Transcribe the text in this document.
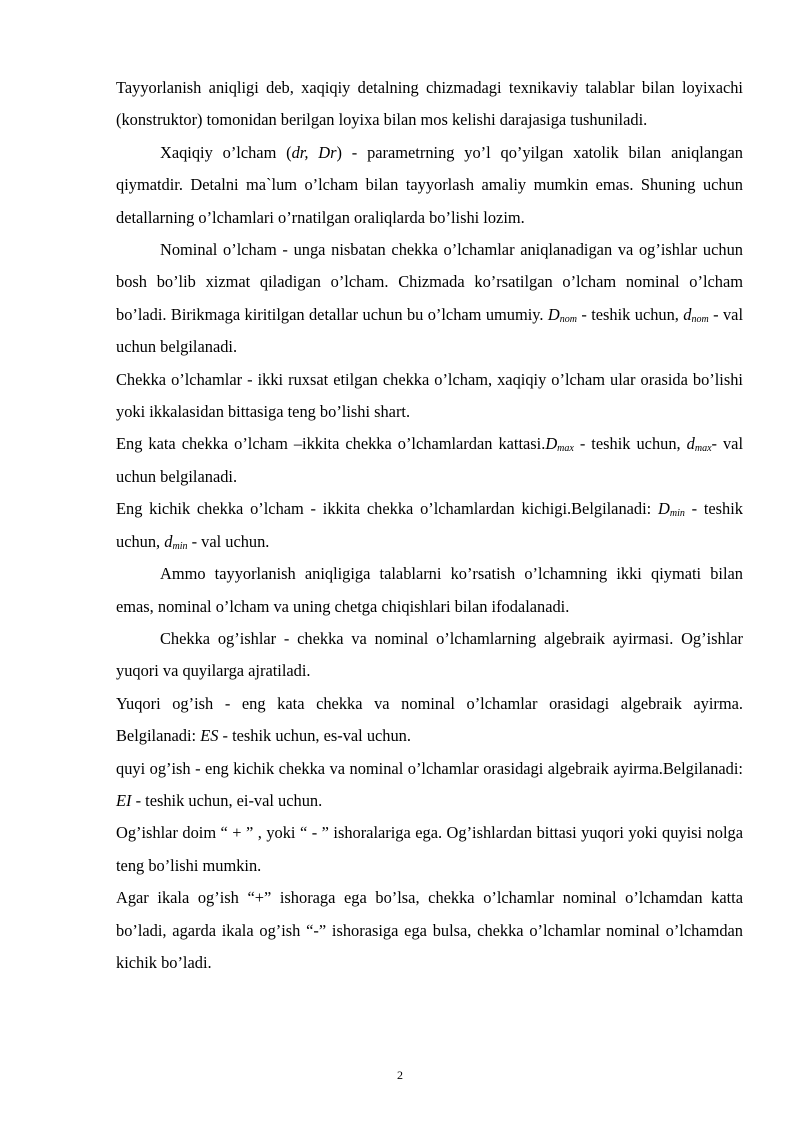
Tayyorlanish aniqligi deb, xaqiqiy detalning chizmadagi texnikaviy talablar bilan loyixachi (konstruktor) tomonidan berilgan loyixa bilan mos kelishi darajasiga tushuniladi.

Xaqiqiy o’lcham (dr, Dr) - parametrning yo’l qo’yilgan xatolik bilan aniqlangan qiymatdir. Detalni ma`lum o’lcham bilan tayyorlash amaliy mumkin emas. Shuning uchun detallarning o’lchamlari o’rnatilgan oraliqlarda bo’lishi lozim.

Nominal o’lcham - unga nisbatan chekka o’lchamlar aniqlanadigan va og’ishlar uchun bosh bo’lib xizmat qiladigan o’lcham. Chizmada ko’rsatilgan o’lcham nominal o’lcham bo’ladi. Birikmaga kiritilgan detallar uchun bu o’lcham umumiy. $D_{nom}$ - teshik uchun, $d_{nom}$ - val uchun belgilanadi.

Chekka o’lchamlar - ikki ruxsat etilgan chekka o’lcham, xaqiqiy o’lcham ular orasida bo’lishi yoki ikkalasidan bittasiga teng bo’lishi shart.

Eng kata chekka o’lcham –ikkita chekka o’lchamlardan $kattasi.D_{max}$ - teshik uchun, $d_{max}-$ val uchun belgilanadi.

Eng kichik chekka o’lcham - ikkita chekka o’lchamlardan kichigi.Belgilanadi: $D_{min}$ - teshik uchun, $d_{min}$ - val uchun.

Ammo tayyorlanish aniqligiga talablarni ko’rsatish o’lchamning ikki qiymati bilan emas, nominal o’lcham va uning chetga chiqishlari bilan ifodalanadi.

Chekka og’ishlar - chekka va nominal o’lchamlarning algebraik ayirmasi. Og’ishlar yuqori va quyilarga ajratiladi.

Yuqori og’ish - eng kata chekka va nominal o’lchamlar orasidagi algebraik ayirma. Belgilanadi: ES - teshik uchun, es-val uchun.

quyi og’ish - eng kichik chekka va nominal o’lchamlar orasidagi algebraik ayirma.Belgilanadi: EI - teshik uchun, ei-val uchun.

Og’ishlar doim “ + ” , yoki “ - ” ishoralariga ega. Og’ishlardan bittasi yuqori yoki quyisi nolga teng bo’lishi mumkin.

Agar ikala og’ish “+” ishoraga ega bo’lsa, chekka o’lchamlar nominal o’lchamdan katta bo’ladi, agarda ikala og’ish “-” ishorasiga ega bulsa, chekka o’lchamlar nominal o’lchamdan kichik bo’ladi.

2
